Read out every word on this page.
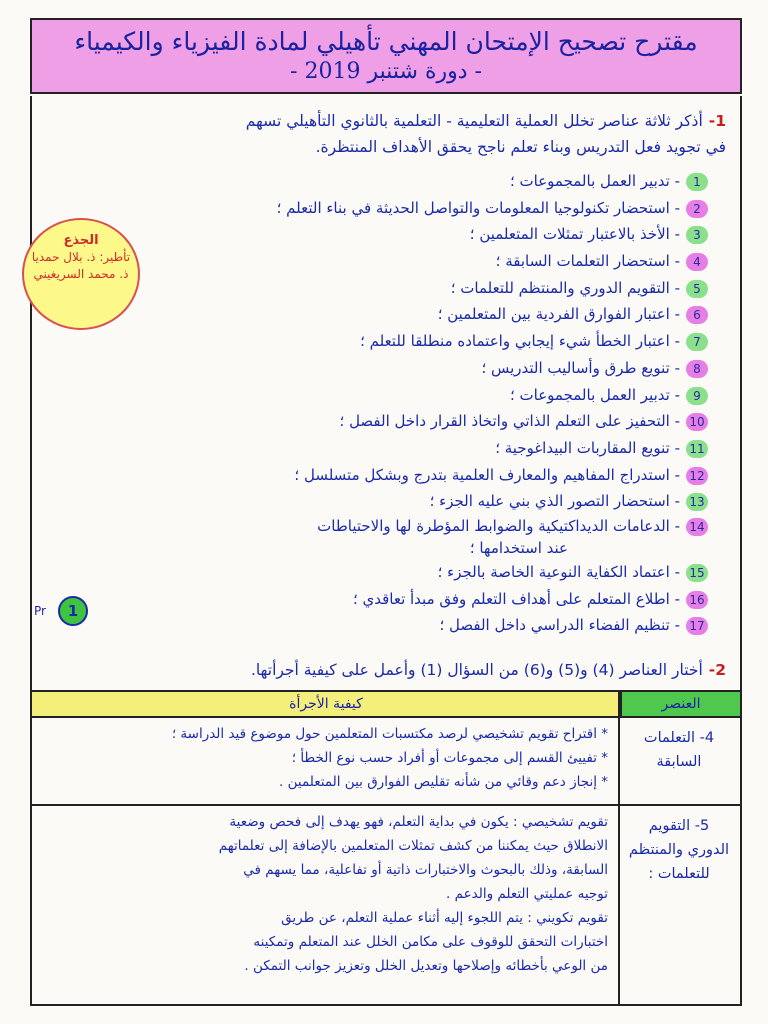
مقترح تصحيح الإمتحان المهني تأهيلي لمادة الفيزياء والكيمياء
- دورة شتنبر 2019 -
1-أذكر ثلاثة عناصر تخلل العملية التعليمية - التعلمية بالثانوي التأهيلي تسهم
في تجويد فعل التدريس وبناء تعلم ناجح يحقق الأهداف المنتظرة.
1- تدبير العمل بالمجموعات ؛
2- استحضار تكنولوجيا المعلومات والتواصل الحديثة في بناء التعلم ؛
3- الأخذ بالاعتبار تمثلات المتعلمين ؛
4- استحضار التعلمات السابقة ؛
5- التقويم الدوري والمنتظم للتعلمات ؛
6- اعتبار الفوارق الفردية بين المتعلمين ؛
7- اعتبار الخطأ شيء إيجابي واعتماده منطلقا للتعلم ؛
8- تنويع طرق وأساليب التدريس ؛
9- تدبير العمل بالمجموعات ؛
10- التحفيز على التعلم الذاتي واتخاذ القرار داخل الفصل ؛
11- تنويع المقاربات البيداغوجية ؛
12- استدراج المفاهيم والمعارف العلمية بتدرج وبشكل متسلسل ؛
13- استحضار التصور الذي بني عليه الجزء ؛
14- الدعامات الديداكتيكية والضوابط المؤطرة لها والاحتياطات
عند استخدامها ؛
15- اعتماد الكفاية النوعية الخاصة بالجزء ؛
16- اطلاع المتعلم على أهداف التعلم وفق مبدأ تعاقدي ؛
17- تنظيم الفضاء الدراسي داخل الفصل ؛
الجذع
تأطير: ذ. بلال حمديا
ذ. محمد السريغيني
Pr	1
2-أختار العناصر (4) و(5) و(6) من السؤال (1) وأعمل على كيفية أجرأتها.
العنصر
كيفية الأجرأة
4- التعلمات
السابقة
* اقتراح تقويم تشخيصي لرصد مكتسبات المتعلمين حول موضوع قيد الدراسة ؛
* تفييئ القسم إلى مجموعات أو أفراد حسب نوع الخطأ ؛
* إنجاز دعم وقائي من شأنه تقليص الفوارق بين المتعلمين .
5- التقويم
الدوري والمنتظم
للتعلمات :
تقويم تشخيصي : يكون في بداية التعلم، فهو يهدف إلى فحص وضعية
الانطلاق حيث يمكننا من كشف تمثلات المتعلمين بالإضافة إلى تعلماتهم
السابقة، وذلك بالبحوث والاختبارات ذاتية أو تفاعلية، مما يسهم في
توجيه عمليتي التعلم والدعم .
تقويم تكويني : يتم اللجوء إليه أثناء عملية التعلم، عن طريق
اختبارات التحقق للوقوف على مكامن الخلل عند المتعلم وتمكينه
من الوعي بأخطائه وإصلاحها وتعديل الخلل وتعزيز جوانب التمكن .
